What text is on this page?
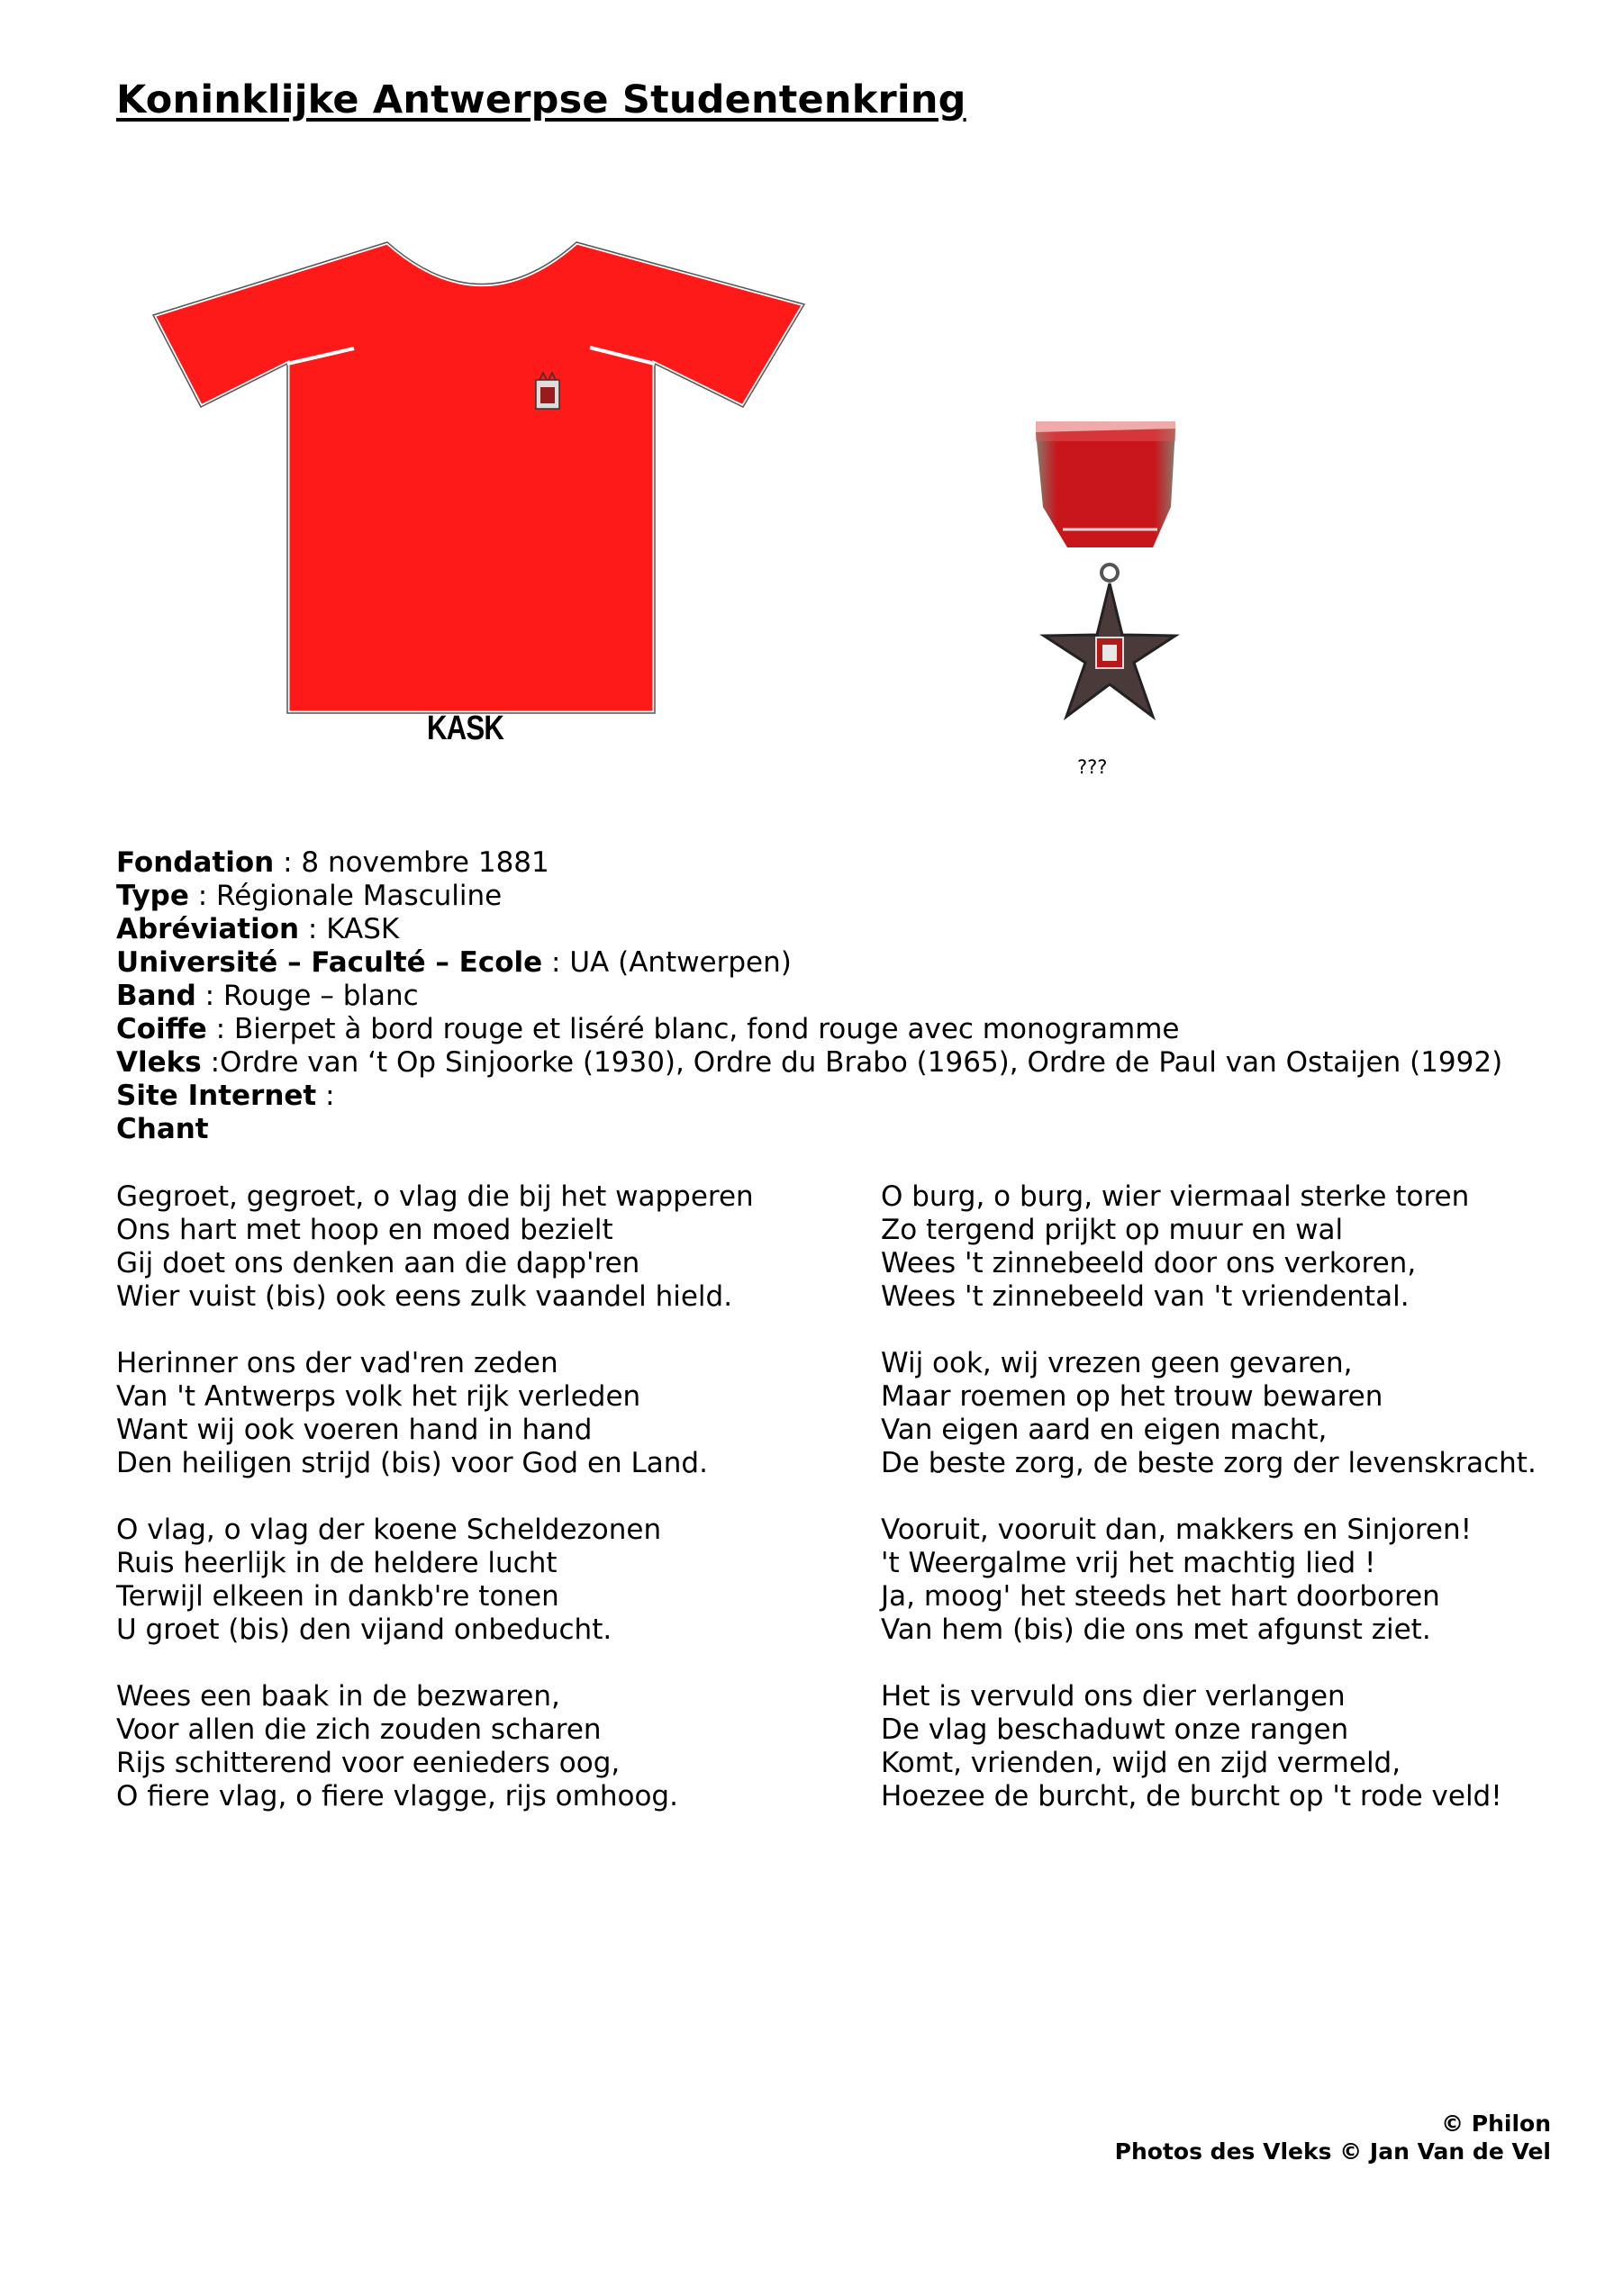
Koninklijke Antwerpse Studentenkring
KASK
???
Fondation : 8 novembre 1881
Type : Régionale Masculine
Abréviation : KASK
Université – Faculté – Ecole : UA (Antwerpen)
Band : Rouge – blanc
Coiffe : Bierpet à bord rouge et liséré blanc, fond rouge avec monogramme
Vleks :Ordre van ‘t Op Sinjoorke (1930), Ordre du Brabo (1965), Ordre de Paul van Ostaijen (1992)
Site Internet :
Chant
Gegroet, gegroet, o vlag die bij het wapperen
Ons hart met hoop en moed bezielt
Gij doet ons denken aan die dapp'ren
Wier vuist (bis) ook eens zulk vaandel hield.
Herinner ons der vad'ren zeden
Van 't Antwerps volk het rijk verleden
Want wij ook voeren hand in hand
Den heiligen strijd (bis) voor God en Land.
O vlag, o vlag der koene Scheldezonen
Ruis heerlijk in de heldere lucht
Terwijl elkeen in dankb're tonen
U groet (bis) den vijand onbeducht.
Wees een baak in de bezwaren,
Voor allen die zich zouden scharen
Rijs schitterend voor eenieders oog,
O fiere vlag, o fiere vlagge, rijs omhoog.
O burg, o burg, wier viermaal sterke toren
Zo tergend prijkt op muur en wal
Wees 't zinnebeeld door ons verkoren,
Wees 't zinnebeeld van 't vriendental.
Wij ook, wij vrezen geen gevaren,
Maar roemen op het trouw bewaren
Van eigen aard en eigen macht,
De beste zorg, de beste zorg der levenskracht.
Vooruit, vooruit dan, makkers en Sinjoren!
't Weergalme vrij het machtig lied !
Ja, moog' het steeds het hart doorboren
Van hem (bis) die ons met afgunst ziet.
Het is vervuld ons dier verlangen
De vlag beschaduwt onze rangen
Komt, vrienden, wijd en zijd vermeld,
Hoezee de burcht, de burcht op 't rode veld!
© Philon
Photos des Vleks © Jan Van de Vel
